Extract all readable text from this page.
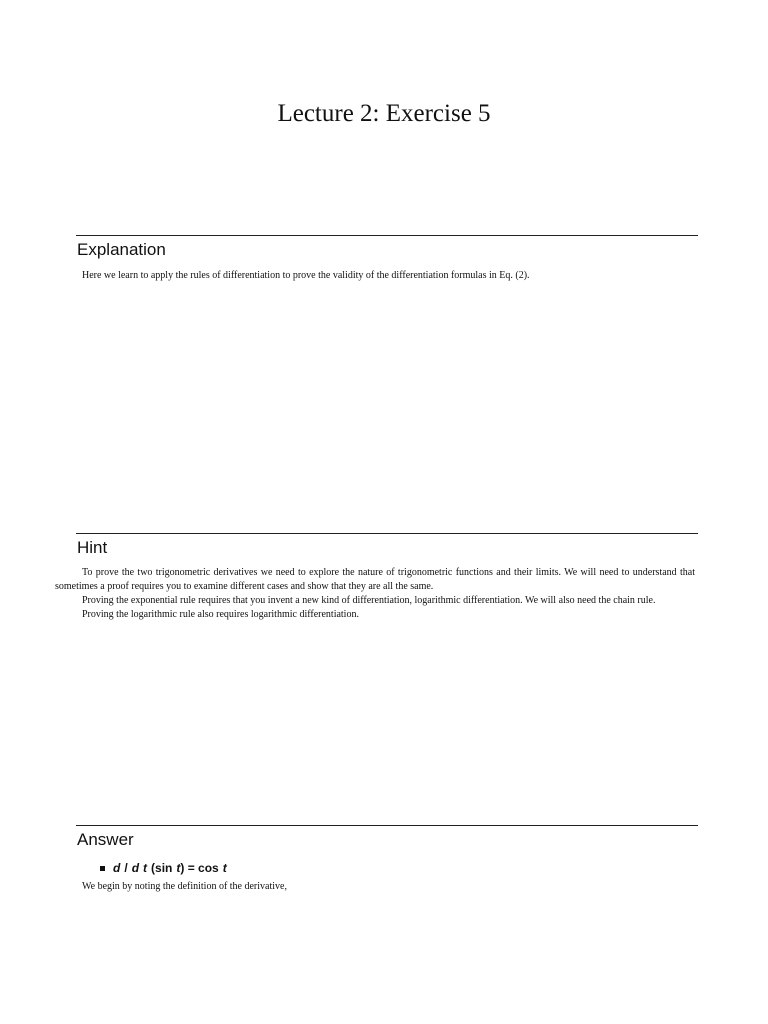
Lecture 2: Exercise 5
Explanation

Here we learn to apply the rules of differentiation to prove the validity of the differentiation formulas in Eq. (2).

Hint

To prove the two trigonometric derivatives we need to explore the nature of trigonometric functions and their limits. We will need to understand that sometimes a proof requires you to examine different cases and show that they are all the same.

Proving the exponential rule requires that you invent a new kind of differentiation, logarithmic differentiation. We will also need the chain rule.

Proving the logarithmic rule also requires logarithmic differentiation.

Answer
d / d t (sin t ) = cos t

We begin by noting the definition of the derivative,
